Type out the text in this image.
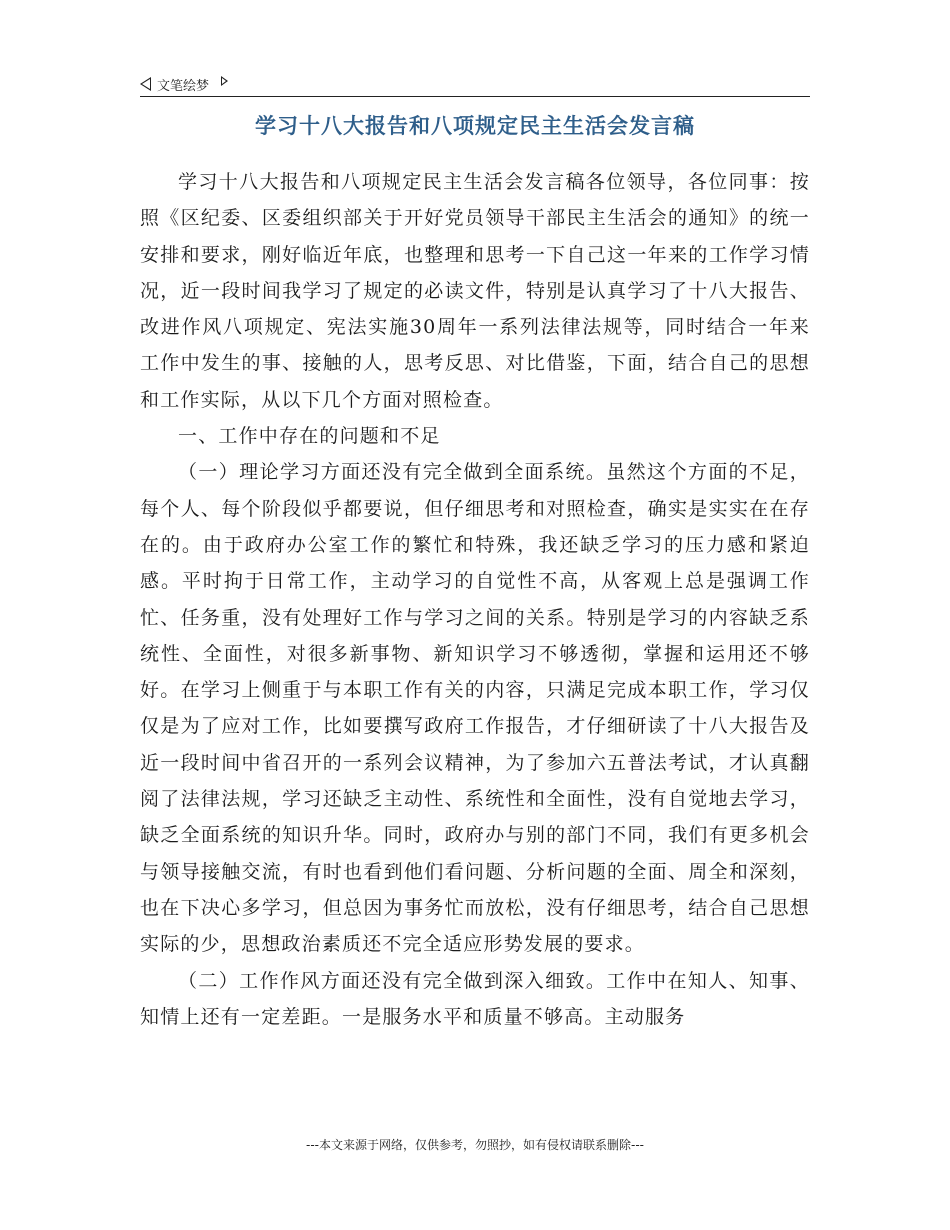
文笔绘梦
学习十八大报告和八项规定民主生活会发言稿

学习十八大报告和八项规定民主生活会发言稿各位领导，各位同事：按照《区纪委、区委组织部关于开好党员领导干部民主生活会的通知》的统一安排和要求，刚好临近年底，也整理和思考一下自己这一年来的工作学习情况，近一段时间我学习了规定的必读文件，特别是认真学习了十八大报告、改进作风八项规定、宪法实施30周年一系列法律法规等，同时结合一年来工作中发生的事、接触的人，思考反思、对比借鉴，下面，结合自己的思想和工作实际，从以下几个方面对照检查。

一、工作中存在的问题和不足

（一）理论学习方面还没有完全做到全面系统。虽然这个方面的不足，每个人、每个阶段似乎都要说，但仔细思考和对照检查，确实是实实在在存在的。由于政府办公室工作的繁忙和特殊，我还缺乏学习的压力感和紧迫感。平时拘于日常工作，主动学习的自觉性不高，从客观上总是强调工作忙、任务重，没有处理好工作与学习之间的关系。特别是学习的内容缺乏系统性、全面性，对很多新事物、新知识学习不够透彻，掌握和运用还不够好。在学习上侧重于与本职工作有关的内容，只满足完成本职工作，学习仅仅是为了应对工作，比如要撰写政府工作报告，才仔细研读了十八大报告及近一段时间中省召开的一系列会议精神，为了参加六五普法考试，才认真翻阅了法律法规，学习还缺乏主动性、系统性和全面性，没有自觉地去学习，缺乏全面系统的知识升华。同时，政府办与别的部门不同，我们有更多机会与领导接触交流，有时也看到他们看问题、分析问题的全面、周全和深刻，也在下决心多学习，但总因为事务忙而放松，没有仔细思考，结合自己思想实际的少，思想政治素质还不完全适应形势发展的要求。

（二）工作作风方面还没有完全做到深入细致。工作中在知人、知事、知情上还有一定差距。一是服务水平和质量不够高。主动服务

---本文来源于网络，仅供参考，勿照抄，如有侵权请联系删除---
